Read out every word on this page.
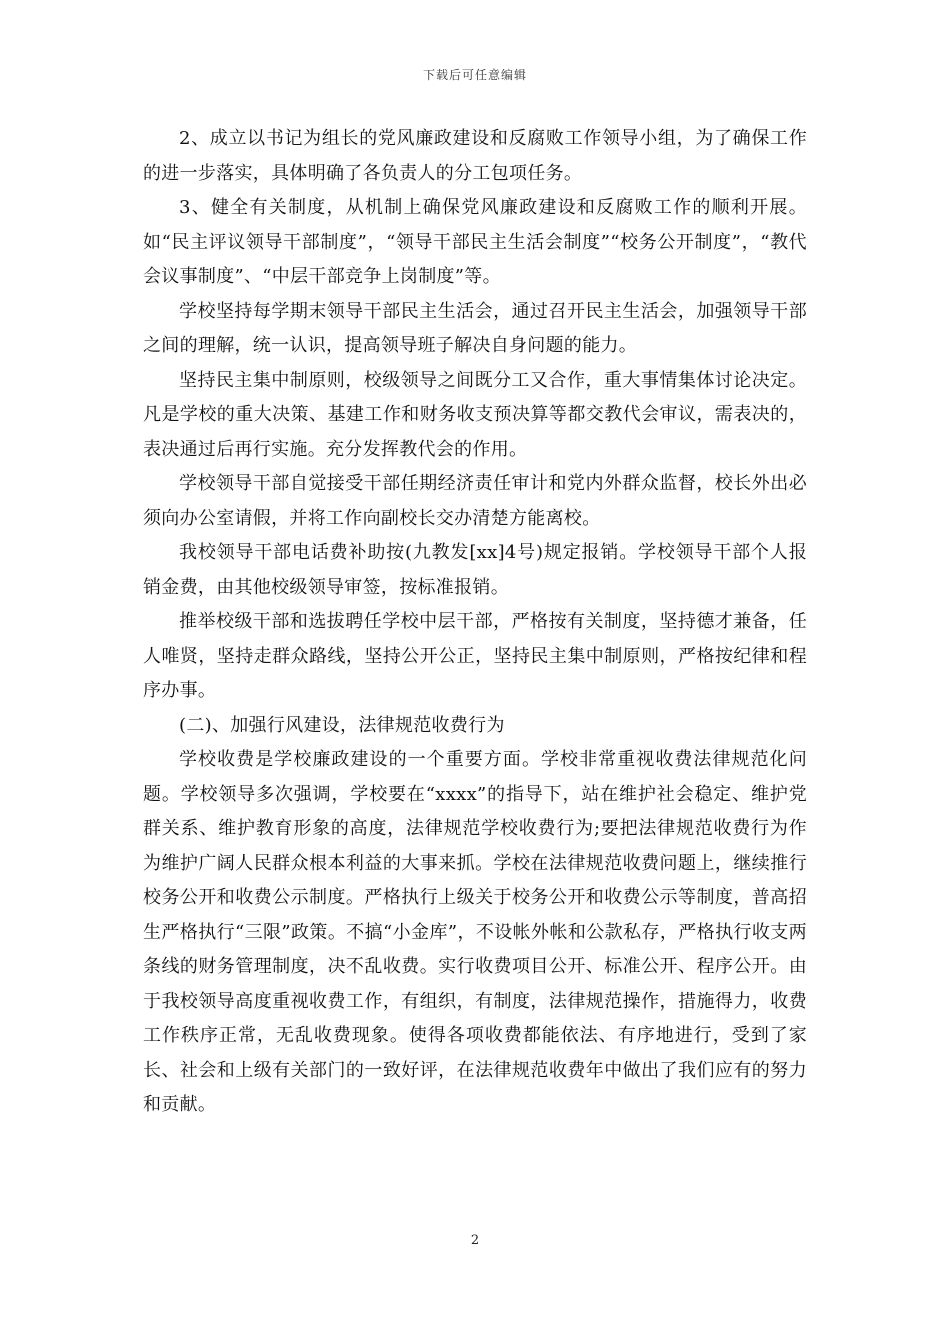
下载后可任意编辑

2、成立以书记为组长的党风廉政建设和反腐败工作领导小组，为了确保工作的进一步落实，具体明确了各负责人的分工包项任务。

3、健全有关制度，从机制上确保党风廉政建设和反腐败工作的顺利开展。如“民主评议领导干部制度”，“领导干部民主生活会制度”“校务公开制度”，“教代会议事制度”、“中层干部竞争上岗制度”等。

学校坚持每学期末领导干部民主生活会，通过召开民主生活会，加强领导干部之间的理解，统一认识，提高领导班子解决自身问题的能力。

坚持民主集中制原则，校级领导之间既分工又合作，重大事情集体讨论决定。凡是学校的重大决策、基建工作和财务收支预决算等都交教代会审议，需表决的，表决通过后再行实施。充分发挥教代会的作用。

学校领导干部自觉接受干部任期经济责任审计和党内外群众监督，校长外出必须向办公室请假，并将工作向副校长交办清楚方能离校。

我校领导干部电话费补助按(九教发[xx]4号)规定报销。学校领导干部个人报销金费，由其他校级领导审签，按标准报销。

推举校级干部和选拔聘任学校中层干部，严格按有关制度，坚持德才兼备，任人唯贤，坚持走群众路线，坚持公开公正，坚持民主集中制原则，严格按纪律和程序办事。

(二)、加强行风建设，法律规范收费行为

学校收费是学校廉政建设的一个重要方面。学校非常重视收费法律规范化问题。学校领导多次强调，学校要在“xxxx”的指导下，站在维护社会稳定、维护党群关系、维护教育形象的高度，法律规范学校收费行为;要把法律规范收费行为作为维护广阔人民群众根本利益的大事来抓。学校在法律规范收费问题上，继续推行校务公开和收费公示制度。严格执行上级关于校务公开和收费公示等制度，普高招生严格执行“三限”政策。不搞“小金库”，不设帐外帐和公款私存，严格执行收支两条线的财务管理制度，决不乱收费。实行收费项目公开、标准公开、程序公开。由于我校领导高度重视收费工作，有组织，有制度，法律规范操作，措施得力，收费工作秩序正常，无乱收费现象。使得各项收费都能依法、有序地进行，受到了家长、社会和上级有关部门的一致好评，在法律规范收费年中做出了我们应有的努力和贡献。

2
